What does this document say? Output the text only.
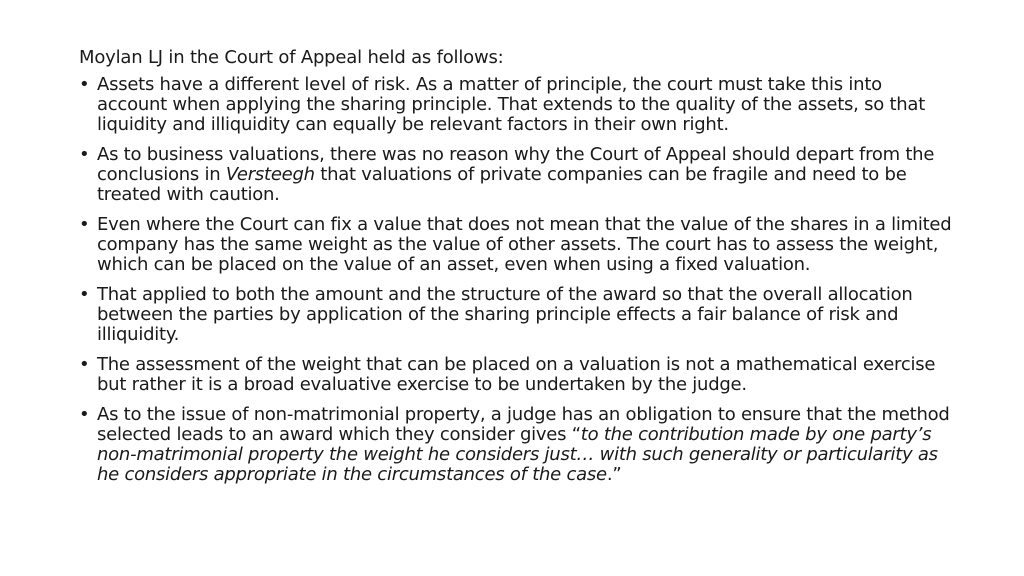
Moylan LJ in the Court of Appeal held as follows:

• Assets have a different level of risk. As a matter of principle, the court must take this into account when applying the sharing principle. That extends to the quality of the assets, so that liquidity and illiquidity can equally be relevant factors in their own right.
• As to business valuations, there was no reason why the Court of Appeal should depart from the conclusions in Versteegh that valuations of private companies can be fragile and need to be treated with caution.
• Even where the Court can fix a value that does not mean that the value of the shares in a limited company has the same weight as the value of other assets. The court has to assess the weight, which can be placed on the value of an asset, even when using a fixed valuation.
• That applied to both the amount and the structure of the award so that the overall allocation between the parties by application of the sharing principle effects a fair balance of risk and illiquidity.
• The assessment of the weight that can be placed on a valuation is not a mathematical exercise but rather it is a broad evaluative exercise to be undertaken by the judge.
• As to the issue of non-matrimonial property, a judge has an obligation to ensure that the method selected leads to an award which they consider gives “to the contribution made by one party’s non-matrimonial property the weight he considers just… with such generality or particularity as he considers appropriate in the circumstances of the case.”
